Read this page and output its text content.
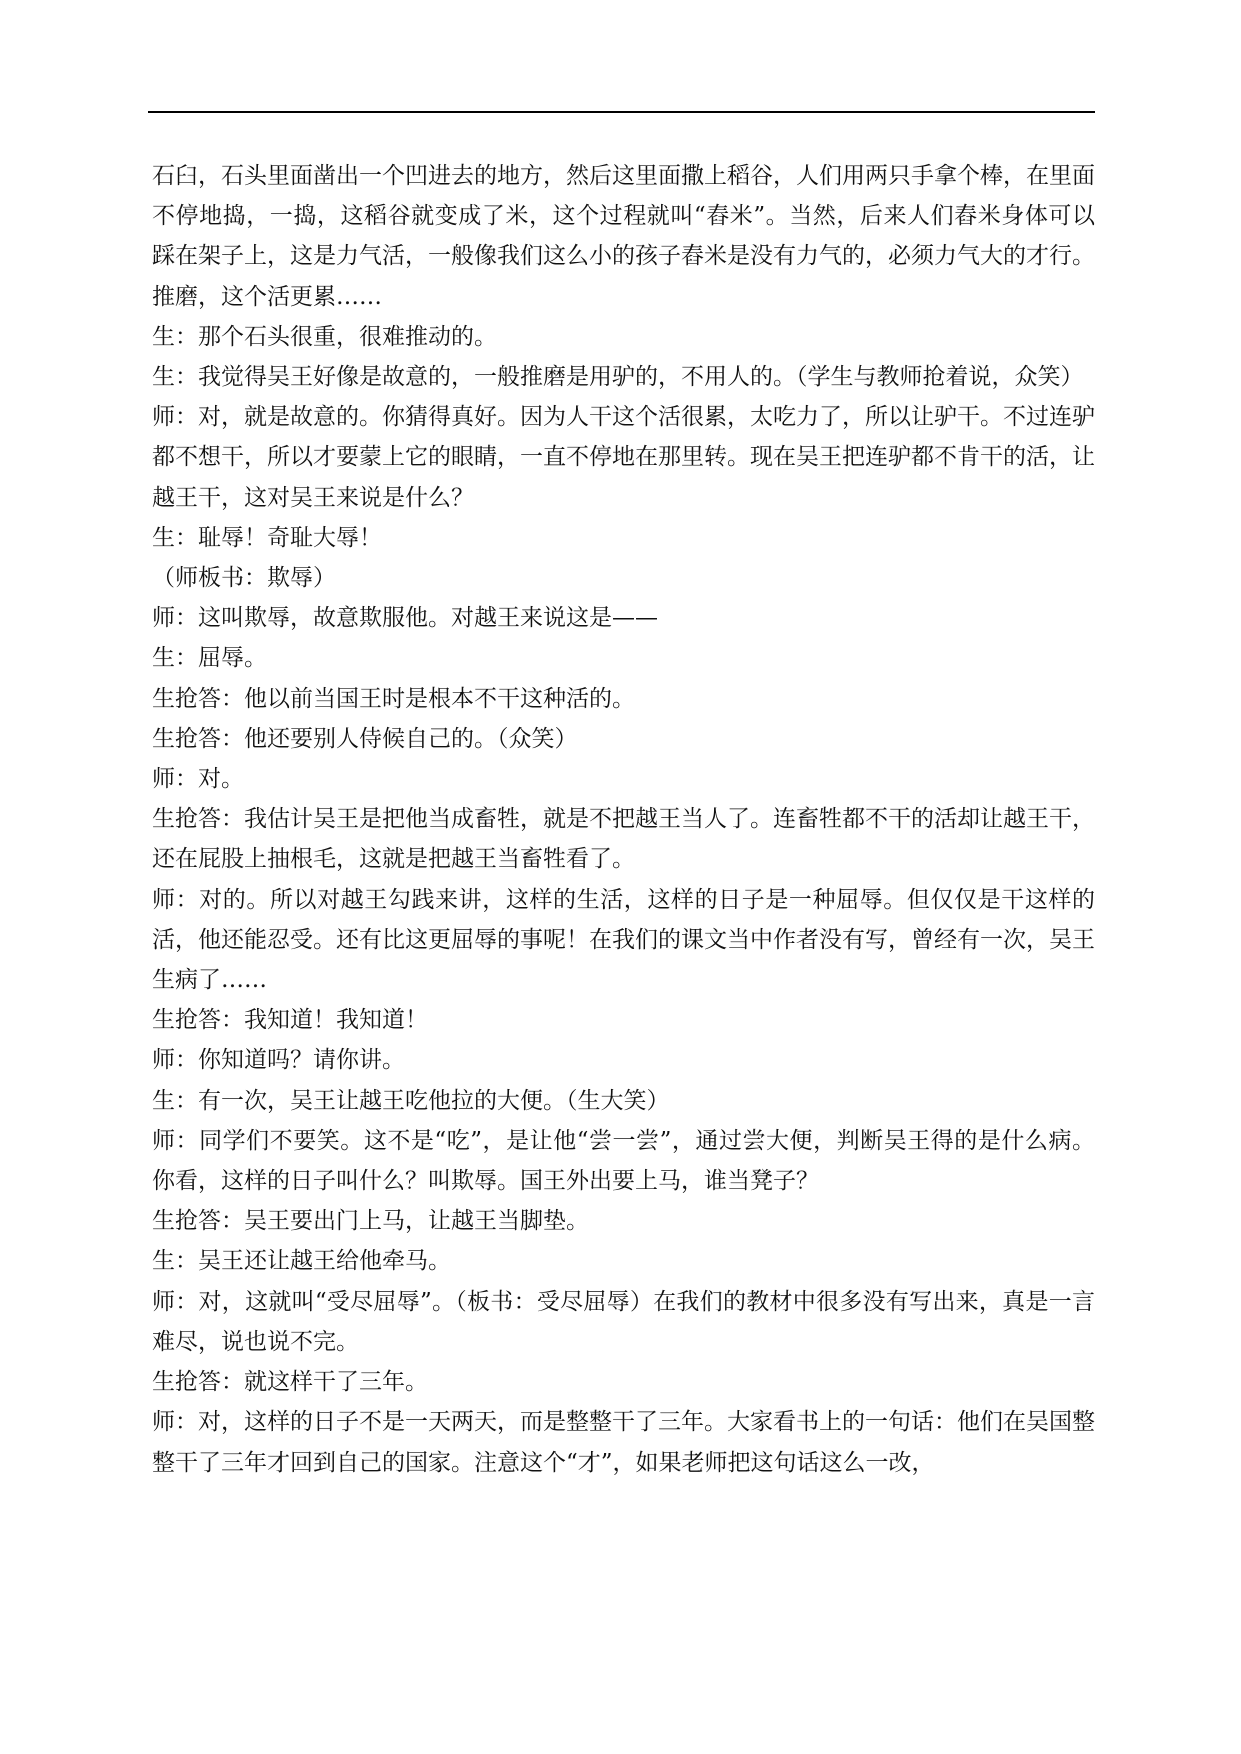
石臼，石头里面凿出一个凹进去的地方，然后这里面撒上稻谷，人们用两只手拿个棒，在里面不停地捣，一捣，这稻谷就变成了米，这个过程就叫“舂米”。当然，后来人们舂米身体可以踩在架子上，这是力气活，一般像我们这么小的孩子舂米是没有力气的，必须力气大的才行。推磨，这个活更累……

生：那个石头很重，很难推动的。

生：我觉得吴王好像是故意的，一般推磨是用驴的，不用人的。（学生与教师抢着说，众笑）

师：对，就是故意的。你猜得真好。因为人干这个活很累，太吃力了，所以让驴干。不过连驴都不想干，所以才要蒙上它的眼睛，一直不停地在那里转。现在吴王把连驴都不肯干的活，让越王干，这对吴王来说是什么？

生：耻辱！奇耻大辱！

（师板书：欺辱）

师：这叫欺辱，故意欺服他。对越王来说这是——

生：屈辱。

生抢答：他以前当国王时是根本不干这种活的。

生抢答：他还要别人侍候自己的。（众笑）

师：对。

生抢答：我估计吴王是把他当成畜牲，就是不把越王当人了。连畜牲都不干的活却让越王干，还在屁股上抽根毛，这就是把越王当畜牲看了。

师：对的。所以对越王勾践来讲，这样的生活，这样的日子是一种屈辱。但仅仅是干这样的活，他还能忍受。还有比这更屈辱的事呢！在我们的课文当中作者没有写，曾经有一次，吴王生病了……

生抢答：我知道！我知道！

师：你知道吗？请你讲。

生：有一次，吴王让越王吃他拉的大便。（生大笑）

师：同学们不要笑。这不是“吃”，是让他“尝一尝”，通过尝大便，判断吴王得的是什么病。你看，这样的日子叫什么？叫欺辱。国王外出要上马，谁当凳子？

生抢答：吴王要出门上马，让越王当脚垫。

生：吴王还让越王给他牵马。

师：对，这就叫“受尽屈辱”。（板书：受尽屈辱）在我们的教材中很多没有写出来，真是一言难尽，说也说不完。

生抢答：就这样干了三年。

师：对，这样的日子不是一天两天，而是整整干了三年。大家看书上的一句话：他们在吴国整整干了三年才回到自己的国家。注意这个“才”，如果老师把这句话这么一改，
